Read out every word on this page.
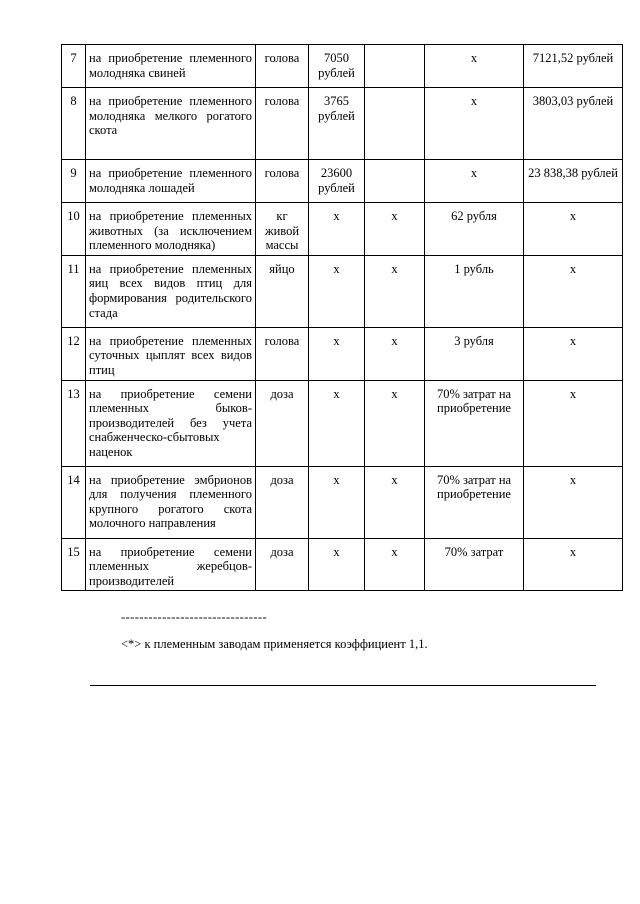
7	на приобретение племенного молодняка свиней	голова	7050 рублей		х	7121,52 рублей
8	на приобретение племенного молодняка мелкого рогатого скота	голова	3765 рублей		х	3803,03 рублей
9	на приобретение племенного молодняка лошадей	голова	23600 рублей		х	23 838,38 рублей
10	на приобретение племенных животных (за исключением племенного молодняка)	кг живой массы	х	х	62 рубля	х
11	на приобретение племенных яиц всех видов птиц для формирования родительского стада	яйцо	х	х	1 рубль	х
12	на приобретение племенных суточных цыплят всех видов птиц	голова	х	х	3 рубля	х
13	на приобретение семени племенных быков-производителей без учета снабженческо-сбытовых наценок	доза	х	х	70% затрат на приобретение	х
14	на приобретение эмбрионов для получения племенного крупного рогатого скота молочного направления	доза	х	х	70% затрат на приобретение	х
15	на приобретение семени племенных жеребцов-производителей	доза	х	х	70% затрат	х
--------------------------------
<*> к племенным заводам применяется коэффициент 1,1.
